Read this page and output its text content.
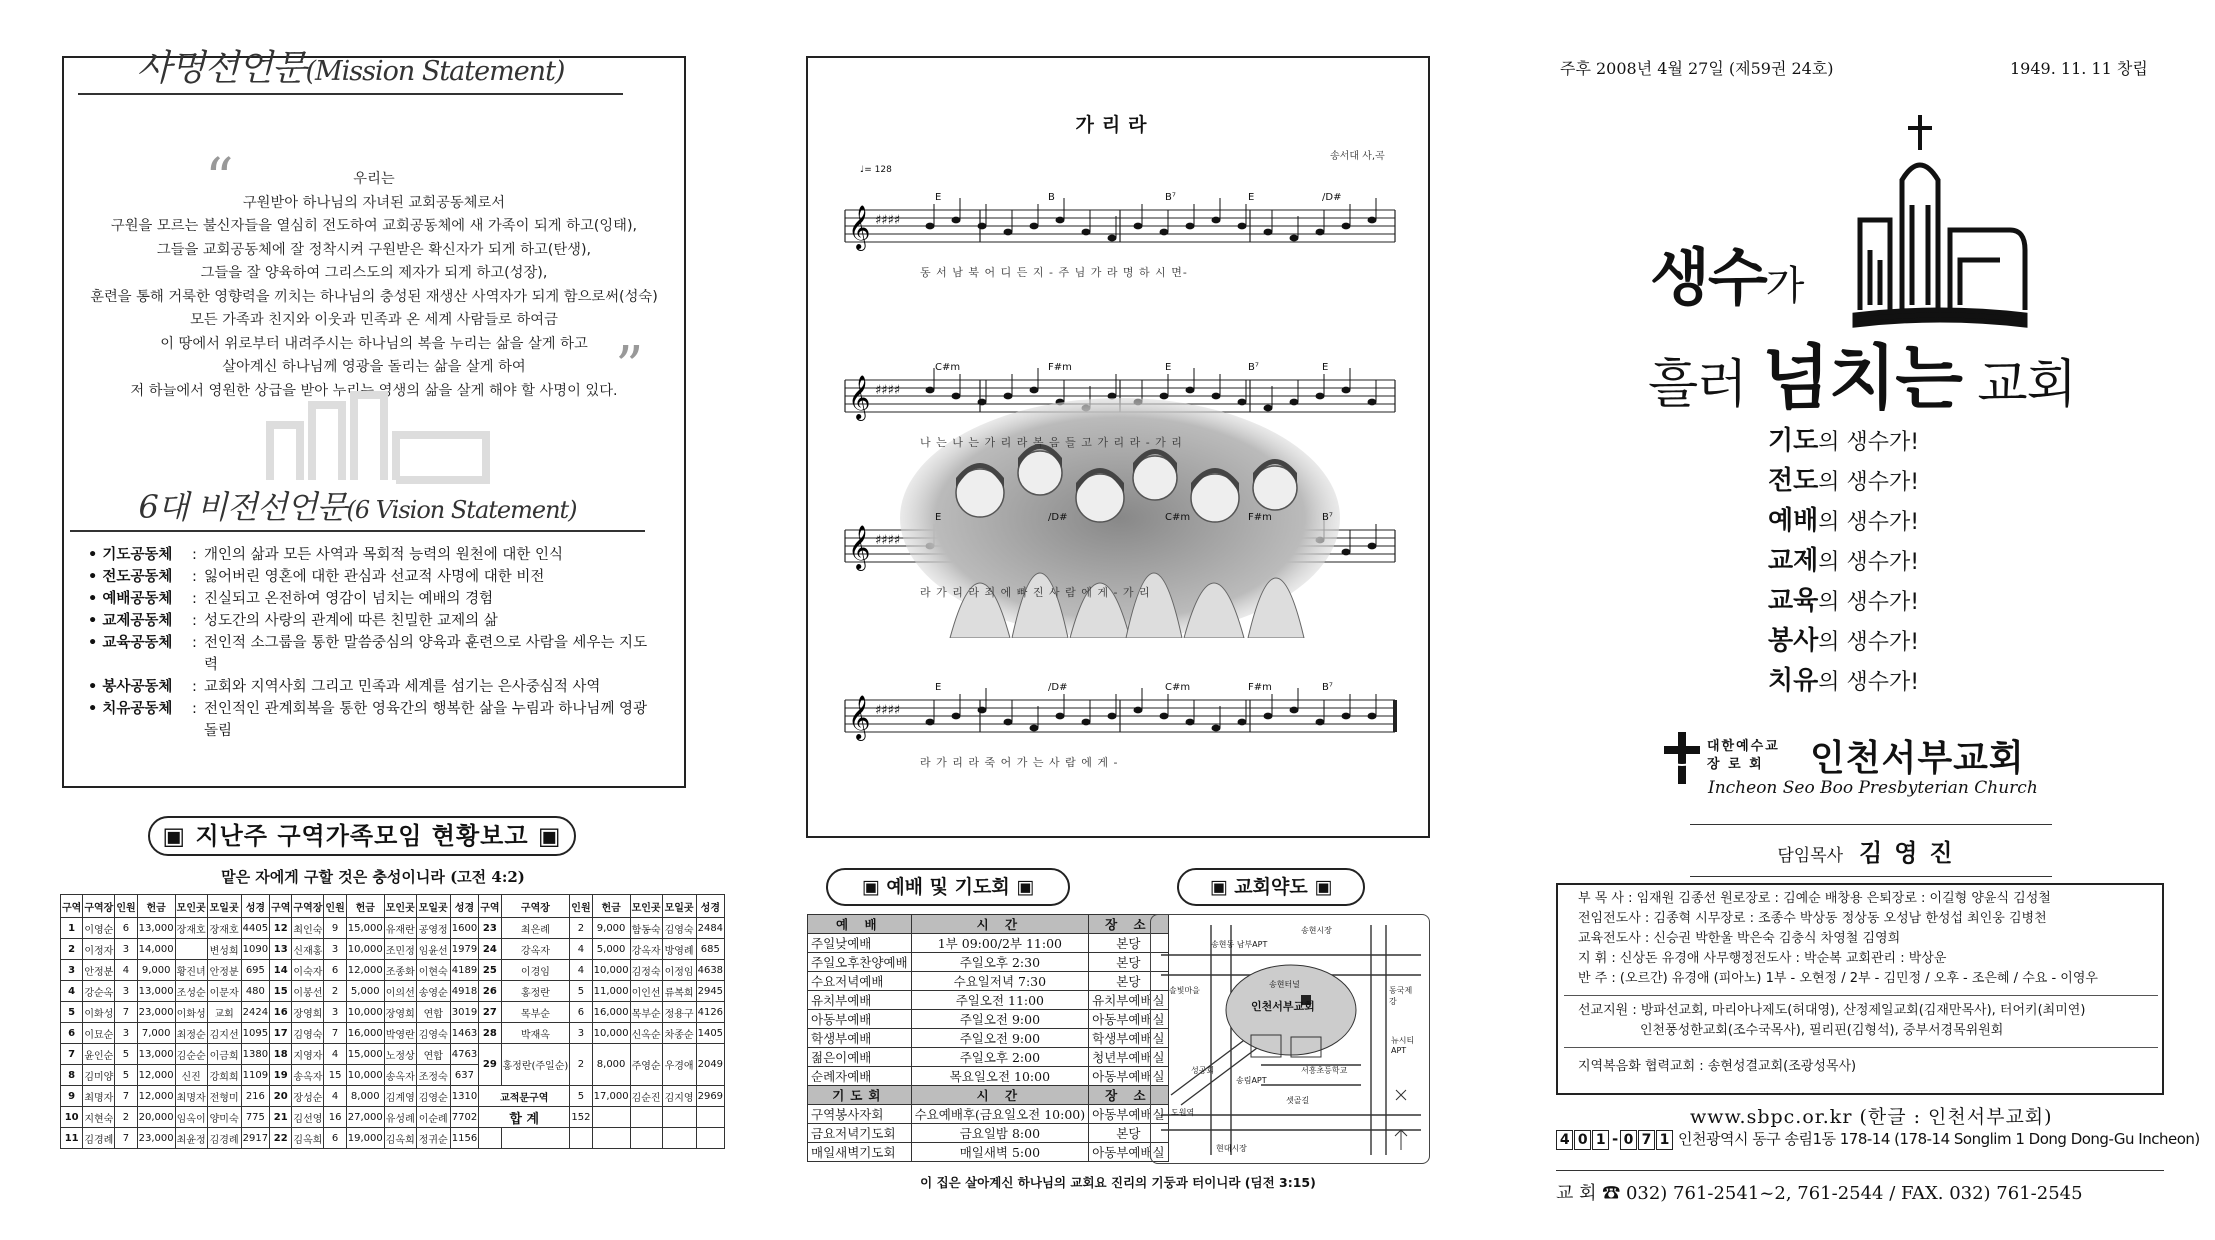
사명선언문(Mission Statement)
“	우리는
구원받아 하나님의 자녀된 교회공동체로서
구원을 모르는 불신자들을 열심히 전도하여 교회공동체에 새 가족이 되게 하고(잉태),
그들을 교회공동체에 잘 정착시켜 구원받은 확신자가 되게 하고(탄생),
그들을 잘 양육하여 그리스도의 제자가 되게 하고(성장),
훈련을 통해 거룩한 영향력을 끼치는 하나님의 충성된 재생산 사역자가 되게 함으로써(성숙)
모든 가족과 친지와 이웃과 민족과 온 세계 사람들로 하여금
이 땅에서 위로부터 내려주시는 하나님의 복을 누리는 삶을 살게 하고
살아계신 하나님께 영광을 돌리는 삶을 살게 하여
저 하늘에서 영원한 상급을 받아 누리는 영생의 삶을 살게 해야 할 사명이 있다.
”
6대 비전선언문(6 Vision Statement)
• 기도공동체	: 개인의 삶과 모든 사역과 목회적 능력의 원천에 대한 인식
• 전도공동체	: 잃어버린 영혼에 대한 관심과 선교적 사명에 대한 비전
• 예배공동체	: 진실되고 온전하여 영감이 넘치는 예배의 경험
• 교제공동체	: 성도간의 사랑의 관계에 따른 친밀한 교제의 삶
• 교육공동체	: 전인적 소그룹을 통한 말씀중심의 양육과 훈련으로 사람을 세우는 지도력
• 봉사공동체	: 교회와 지역사회 그리고 민족과 세계를 섬기는 은사중심적 사역
• 치유공동체	: 전인적인 관계회복을 통한 영육간의 행복한 삶을 누림과 하나님께 영광돌림
▣ 지난주 구역가족모임 현황보고 ▣
맡은 자에게 구할 것은 충성이니라 (고전 4:2)
구역	구역장	인원	헌금	모인곳	모일곳	성경	구역	구역장	인원	헌금	모인곳	모일곳	성경	구역	구역장	인원	헌금	모인곳	모일곳	성경
1	이영순	6	13,000	장재호	장재호	4405	12	최인숙	9	15,000	유재란	공영정	1600	23	최은례	2	9,000	함동숙	김영숙	2484
2	이정자	3	14,000		변성희	1090	13	신재홍	3	10,000	조민정	임윤선	1979	24	강옥자	4	5,000	강옥자	방영례	685
3	안정분	4	9,000	황진녀	안정분	695	14	이숙자	6	12,000	조종화	이현숙	4189	25	이경임	4	10,000	김정숙	이정임	4638
4	강순옥	3	13,000	조성순	이문자	480	15	이봉선	2	5,000	이의선	송영순	4918	26	홍정란	5	11,000	이인선	류복희	2945
5	이화성	7	23,000	이화성	교회	2424	16	장영희	3	10,000	장영희	연합	3019	27	목부순	6	16,000	목부순	정용구	4126
6	이묘순	3	7,000	최정순	김지선	1095	17	김영숙	7	16,000	박영란	김영숙	1463	28	박재옥	3	10,000	신옥순	차종순	1405
7	윤인순	5	13,000	김순순	이금희	1380	18	지영자	4	15,000	노정상	연합	4763	29	홍정란(주일순)	2	8,000	주영순	우경애	2049
8	김미양	5	12,000	신진	강희희	1109	19	송옥자	15	10,000	송옥자	조정숙	637							
9	최명자	7	12,000	최명자	전형미	216	20	장성순	4	8,000	김계영	김영순	1310	교적문구역		5	17,000	김순진	김지영	2969
10	지현숙	2	20,000	임옥이	양미숙	775	21	김선영	16	27,000	유성례	이순례	7702	합 계		152				
11	김경례	7	23,000	최윤정	김경례	2917	22	김옥희	6	19,000	김옥희	정귀순	1156							
가리라
송서대 사,곡
♩= 128
𝄞 ♯♯♯♯
𝄞 ♯♯♯♯
𝄞 ♯♯♯♯
𝄞 ♯♯♯♯
E	B	B⁷	E	/D#
동 서 남 북 어 디 든 지 - 주 님 가 라 명 하 시 면-
C#m	F#m	E	B⁷	E
나 는 나 는 가 리 라 복 음 들 고 가 리 라 - 가 리
E	/D#	C#m	F#m	B⁷
라 가 리 라 죄 에 빠 진 사 람 에 게 - 가 리
E	/D#	C#m	F#m	B⁷
라 가 리 라 죽 어 가 는 사 람 에 게 -
▣ 예배 및 기도회 ▣	▣ 교회약도 ▣
예 배	시 간	장 소
주일낮예배	1부 09:00/2부 11:00	본당
주일오후찬양예배	주일오후 2:30	본당
수요저녁예배	수요일저녁 7:30	본당
유치부예배	주일오전 11:00	유치부예배실
아동부예배	주일오전 9:00	아동부예배실
학생부예배	주일오전 9:00	학생부예배실
젊은이예배	주일오후 2:00	청년부예배실
순례자예배	목요일오전 10:00	아동부예배실
기도회	시 간	장 소
구역봉사자회	수요예배후(금요일오전 10:00)	아동부예배실
금요저녁기도회	금요일밤 8:00	본당
매일새벽기도회	매일새벽 5:00	아동부예배실
인천서부교회
송현터널
송현동 남부APT
동국제강
서흥초등학교
송현시장
뉴시티APT
도원역
현대시장
솔빛마을
송림APT
성공회
셋골길
이 집은 살아계신 하나님의 교회요 진리의 기둥과 터이니라 (딤전 3:15)
주후 2008년 4월 27일 (제59권 24호)	1949. 11. 11 창립
생수가
흘러 넘치는 교회
기도의 생수가!
전도의 생수가!
예배의 생수가!
교제의 생수가!
교육의 생수가!
봉사의 생수가!
치유의 생수가!
대한예수교
장 로 회	인천서부교회
Incheon Seo Boo Presbyterian Church
담임목사 김영진
부 목 사 : 임재원 김종선 원로장로 : 김예순 배창용 은퇴장로 : 이길형 양윤식 김성철
전임전도사 : 김종혁 시무장로 : 조종수 박상동 정상동 오성남 한성섭 최인웅 김병천
교육전도사 : 신승권 박한울 박은숙 김충식 차영철 김영희
지 휘 : 신상돈 유경애 사무행정전도사 : 박순복 교회관리 : 박상운
반 주 : (오르간) 유경애 (피아노) 1부 - 오현정 / 2부 - 김민정 / 오후 - 조은혜 / 수요 - 이영우
선교지원 : 방파선교회, 마리아나제도(허대영), 산정제일교회(김재만목사), 터어키(최미연)
인천풍성한교회(조수국목사), 필리핀(김형석), 중부서경목위원회
지역복음화 협력교회 : 송현성결교회(조광성목사)
www.sbpc.or.kr (한글 : 인천서부교회)
4 0 1 - 0 7 1 인천광역시 동구 송림1동 178-14 (178-14 Songlim 1 Dong Dong-Gu Incheon)
교 회 ☎ 032) 761-2541~2, 761-2544 / FAX. 032) 761-2545
